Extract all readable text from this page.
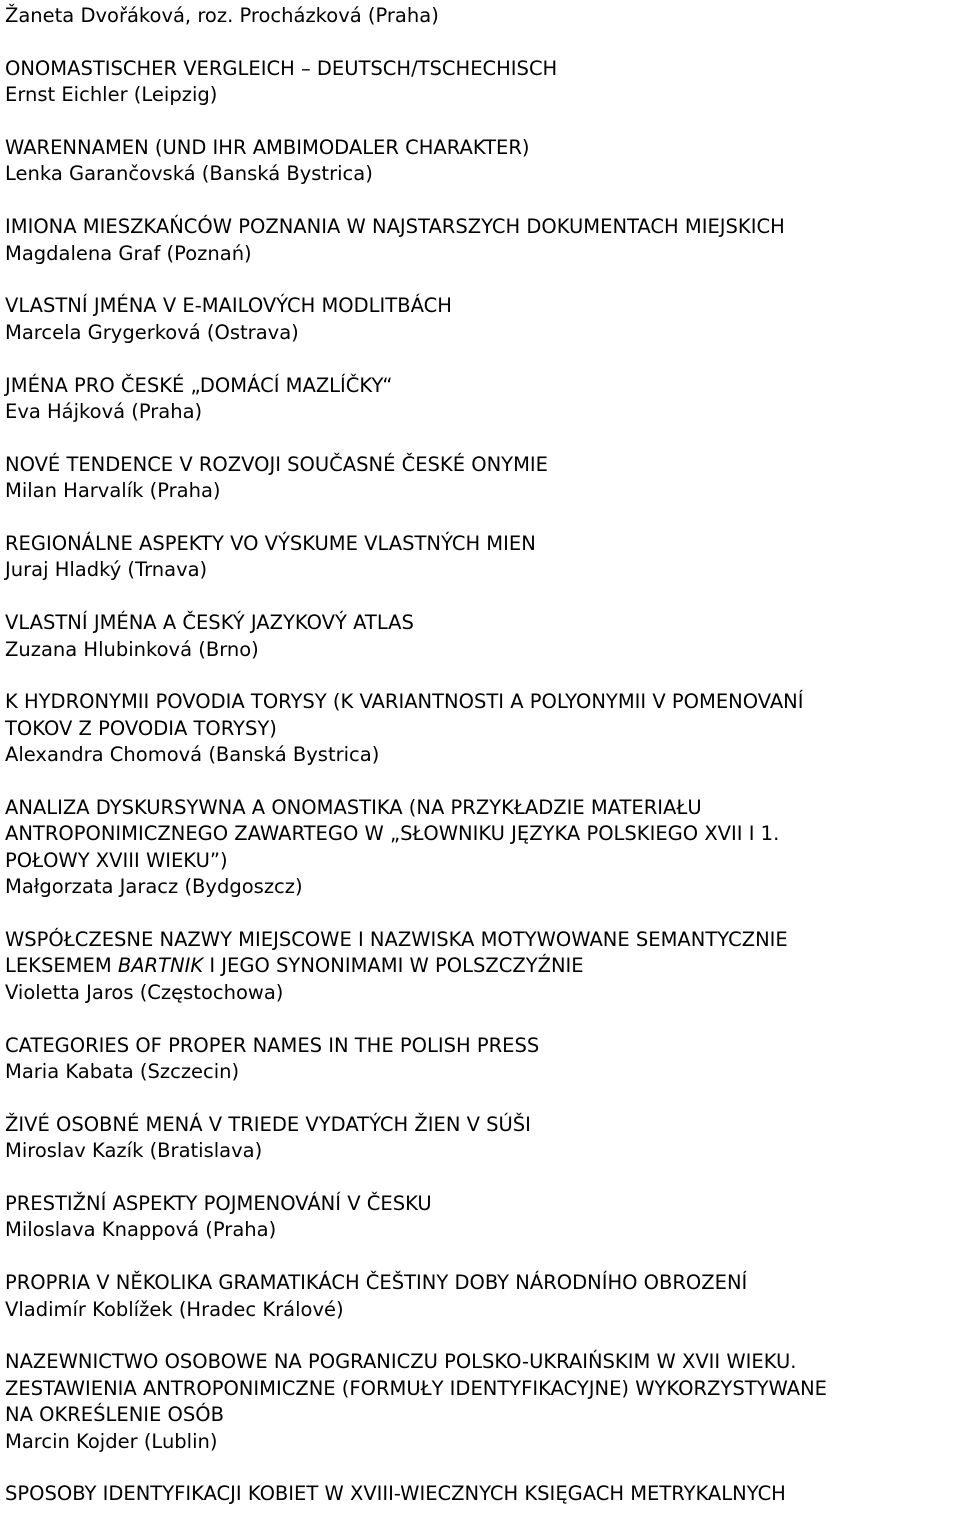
Žaneta Dvořáková, roz. Procházková (Praha)
ONOMASTISCHER VERGLEICH – DEUTSCH/TSCHECHISCH
Ernst Eichler (Leipzig)
WARENNAMEN (UND IHR AMBIMODALER CHARAKTER)
Lenka Garančovská (Banská Bystrica)
IMIONA MIESZKAŃCÓW POZNANIA W NAJSTARSZYCH DOKUMENTACH MIEJSKICH
Magdalena Graf (Poznań)
VLASTNÍ JMÉNA V E-MAILOVÝCH MODLITBÁCH
Marcela Grygerková (Ostrava)
JMÉNA PRO ČESKÉ „DOMÁCÍ MAZLÍČKY“
Eva Hájková (Praha)
NOVÉ TENDENCE V ROZVOJI SOUČASNÉ ČESKÉ ONYMIE
Milan Harvalík (Praha)
REGIONÁLNE ASPEKTY VO VÝSKUME VLASTNÝCH MIEN
Juraj Hladký (Trnava)
VLASTNÍ JMÉNA A ČESKÝ JAZYKOVÝ ATLAS
Zuzana Hlubinková (Brno)
K HYDRONYMII POVODIA TORYSY (K VARIANTNOSTI A POLYONYMII V POMENOVANÍ
TOKOV Z POVODIA TORYSY)
Alexandra Chomová (Banská Bystrica)
ANALIZA DYSKURSYWNA A ONOMASTIKA (NA PRZYKŁADZIE MATERIAŁU
ANTROPONIMICZNEGO ZAWARTEGO W „SŁOWNIKU JĘZYKA POLSKIEGO XVII I 1.
POŁOWY XVIII WIEKU”)
Małgorzata Jaracz (Bydgoszcz)
WSPÓŁCZESNE NAZWY MIEJSCOWE I NAZWISKA MOTYWOWANE SEMANTYCZNIE
LEKSEMEM BARTNIK I JEGO SYNONIMAMI W POLSZCZYŹNIE
Violetta Jaros (Częstochowa)
CATEGORIES OF PROPER NAMES IN THE POLISH PRESS
Maria Kabata (Szczecin)
ŽIVÉ OSOBNÉ MENÁ V TRIEDE VYDATÝCH ŽIEN V SÚŠI
Miroslav Kazík (Bratislava)
PRESTIŽNÍ ASPEKTY POJMENOVÁNÍ V ČESKU
Miloslava Knappová (Praha)
PROPRIA V NĚKOLIKA GRAMATIKÁCH ČEŠTINY DOBY NÁRODNÍHO OBROZENÍ
Vladimír Koblížek (Hradec Králové)
NAZEWNICTWO OSOBOWE NA POGRANICZU POLSKO-UKRAIŃSKIM W XVII WIEKU.
ZESTAWIENIA ANTROPONIMICZNE (FORMUŁY IDENTYFIKACYJNE) WYKORZYSTYWANE
NA OKREŚLENIE OSÓB
Marcin Kojder (Lublin)
SPOSOBY IDENTYFIKACJI KOBIET W XVIII-WIECZNYCH KSIĘGACH METRYKALNYCH
